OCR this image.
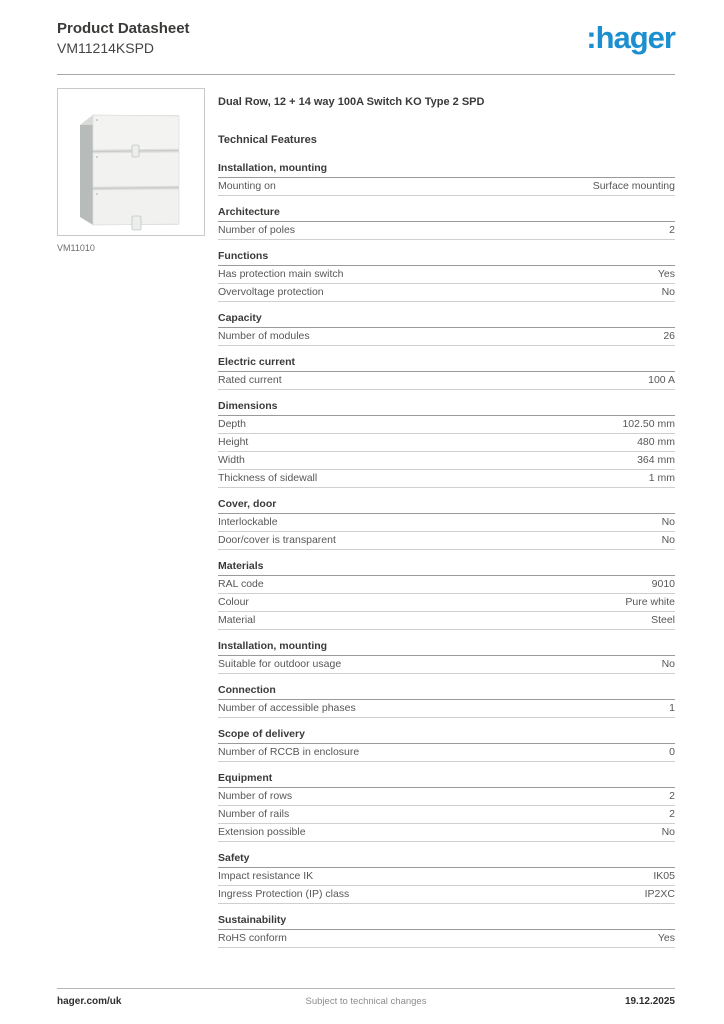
Product Datasheet
VM11214KSPD	:hager
VM11010
Dual Row, 12 + 14 way 100A Switch KO Type 2 SPD
Technical Features
Installation, mounting
Mounting on	Surface mounting
Architecture
Number of poles	2
Functions
Has protection main switch	Yes
Overvoltage protection	No
Capacity
Number of modules	26
Electric current
Rated current	100 A
Dimensions
Depth	102.50 mm
Height	480 mm
Width	364 mm
Thickness of sidewall	1 mm
Cover, door
Interlockable	No
Door/cover is transparent	No
Materials
RAL code	9010
Colour	Pure white
Material	Steel
Installation, mounting
Suitable for outdoor usage	No
Connection
Number of accessible phases	1
Scope of delivery
Number of RCCB in enclosure	0
Equipment
Number of rows	2
Number of rails	2
Extension possible	No
Safety
Impact resistance IK	IK05
Ingress Protection (IP) class	IP2XC
Sustainability
RoHS conform	Yes
Subject to technical changes
hager.com/uk	19.12.2025
